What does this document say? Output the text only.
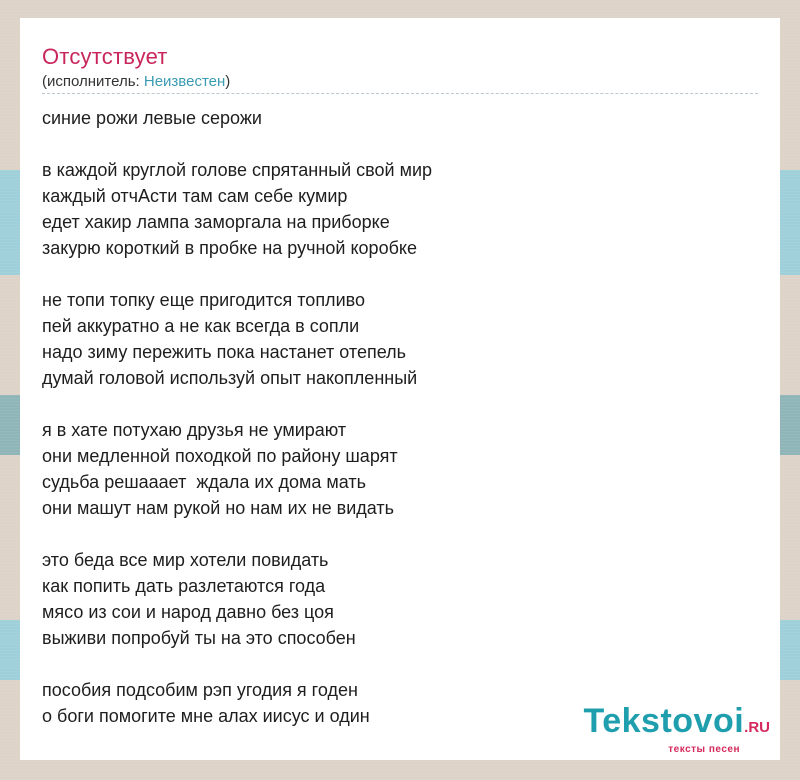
Отсутствует
(исполнитель: Неизвестен)
синие рожи левые серожи
в каждой круглой голове спрятанный свой мир
каждый отчАсти там сам себе кумир
едет хакир лампа заморгала на приборке
закурю короткий в пробке на ручной коробке
не топи топку еще пригодится топливо
пей аккуратно а не как всегда в сопли
надо зиму пережить пока настанет отепель
думай головой используй опыт накопленный
я в хате потухаю друзья не умирают
они медленной походкой по району шарят
судьба решааает  ждала их дома мать
они машут нам рукой но нам их не видать
это беда все мир хотели повидать
как попить дать разлетаются года
мясо из сои и народ давно без цоя
выживи попробуй ты на это способен
пособия подсобим рэп угодия я годен
о боги помогите мне алах иисус и один	Tekstovoi.RU
тексты песен
